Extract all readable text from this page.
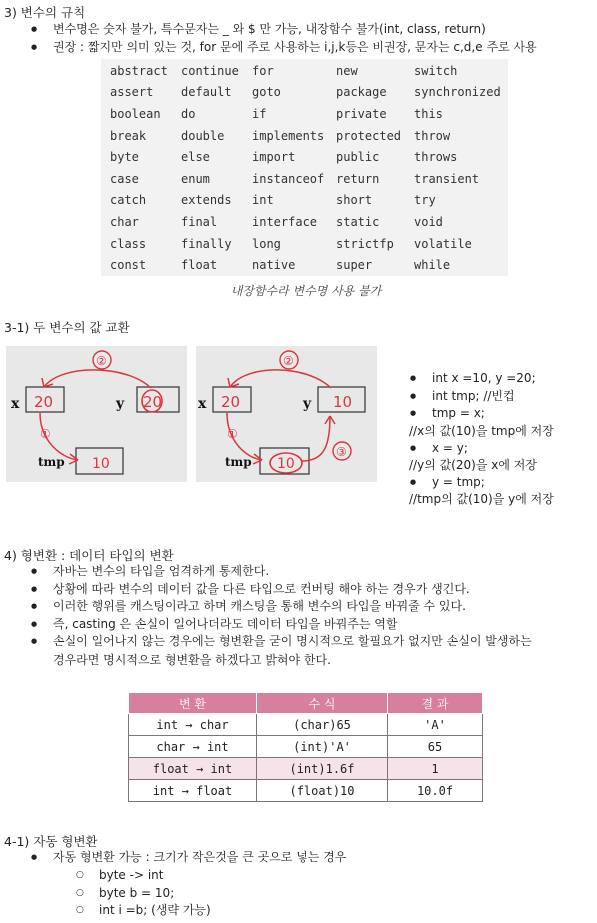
3) 변수의 규칙
● 변수명은 숫자 불가, 특수문자는 _ 와 $ 만 가능, 내장함수 불가(int, class, return)
● 권장 : 짧지만 의미 있는 것, for 문에 주로 사용하는 i,j,k등은 비권장, 문자는 c,d,e 주로 사용
abstract	continue	for	new	switch
assert	default	goto	package	synchronized
boolean	do	if	private	this
break	double	implements	protected	throw
byte	else	import	public	throws
case	enum	instanceof	return	transient
catch	extends	int	short	try
char	final	interface	static	void
class	finally	long	strictfp	volatile
const	float	native	super	while
내장함수라 변수명 사용 불가
3-1) 두 변수의 값 교환
x 20	y 20
tmp 10
②
①
x 20	y 10
tmp 10
②
①
③
● int x =10, y =20;
● int tmp; //빈컵
● tmp = x;
//x의 값(10)을 tmp에 저장
● x = y;
//y의 값(20)을 x에 저장
● y = tmp;
//tmp의 값(10)을 y에 저장
4) 형변환 : 데이터 타입의 변환
● 자바는 변수의 타입을 엄격하게 통제한다.
● 상황에 따라 변수의 데이터 값을 다른 타입으로 컨버팅 해야 하는 경우가 생긴다.
● 이러한 행위를 캐스팅이라고 하며 캐스팅을 통해 변수의 타입을 바꿔줄 수 있다.
● 즉, casting 은 손실이 일어나더라도 데이터 타입을 바꿔주는 역할
● 손실이 일어나지 않는 경우에는 형변환을 굳이 명시적으로 할필요가 없지만 손실이 발생하는
경우라면 명시적으로 형변환을 하겠다고 밝혀야 한다.
변 환	수 식	결 과
int → char	(char)65	'A'
char → int	(int)'A'	65
float → int	(int)1.6f	1
int → float	(float)10	10.0f
4-1) 자동 형변환
● 자동 형변환 가능 : 크기가 작은것을 큰 곳으로 넣는 경우
○ byte -> int
○ byte b = 10;
○ int i =b; (생략 가능)
